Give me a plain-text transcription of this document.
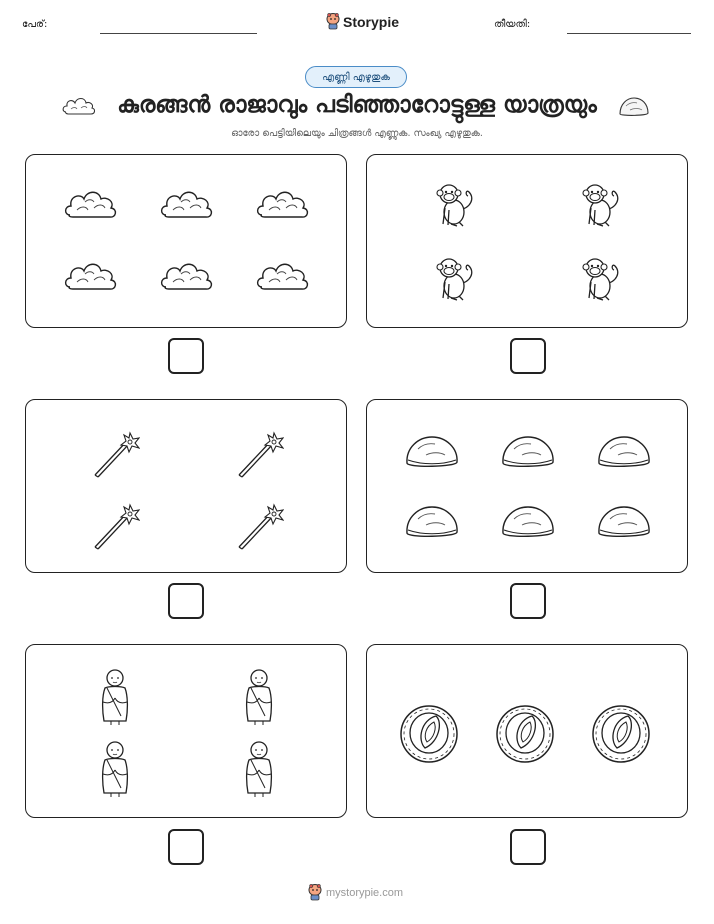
പേര്:	Storypie	തീയതി:
എണ്ണി എഴുതുക
കുരങ്ങൻ രാജാവും പടിഞ്ഞാറോട്ടുള്ള യാത്രയും
ഓരോ പെട്ടിയിലെയും ചിത്രങ്ങൾ എണ്ണുക. സംഖ്യ എഴുതുക.
mystorypie.com
